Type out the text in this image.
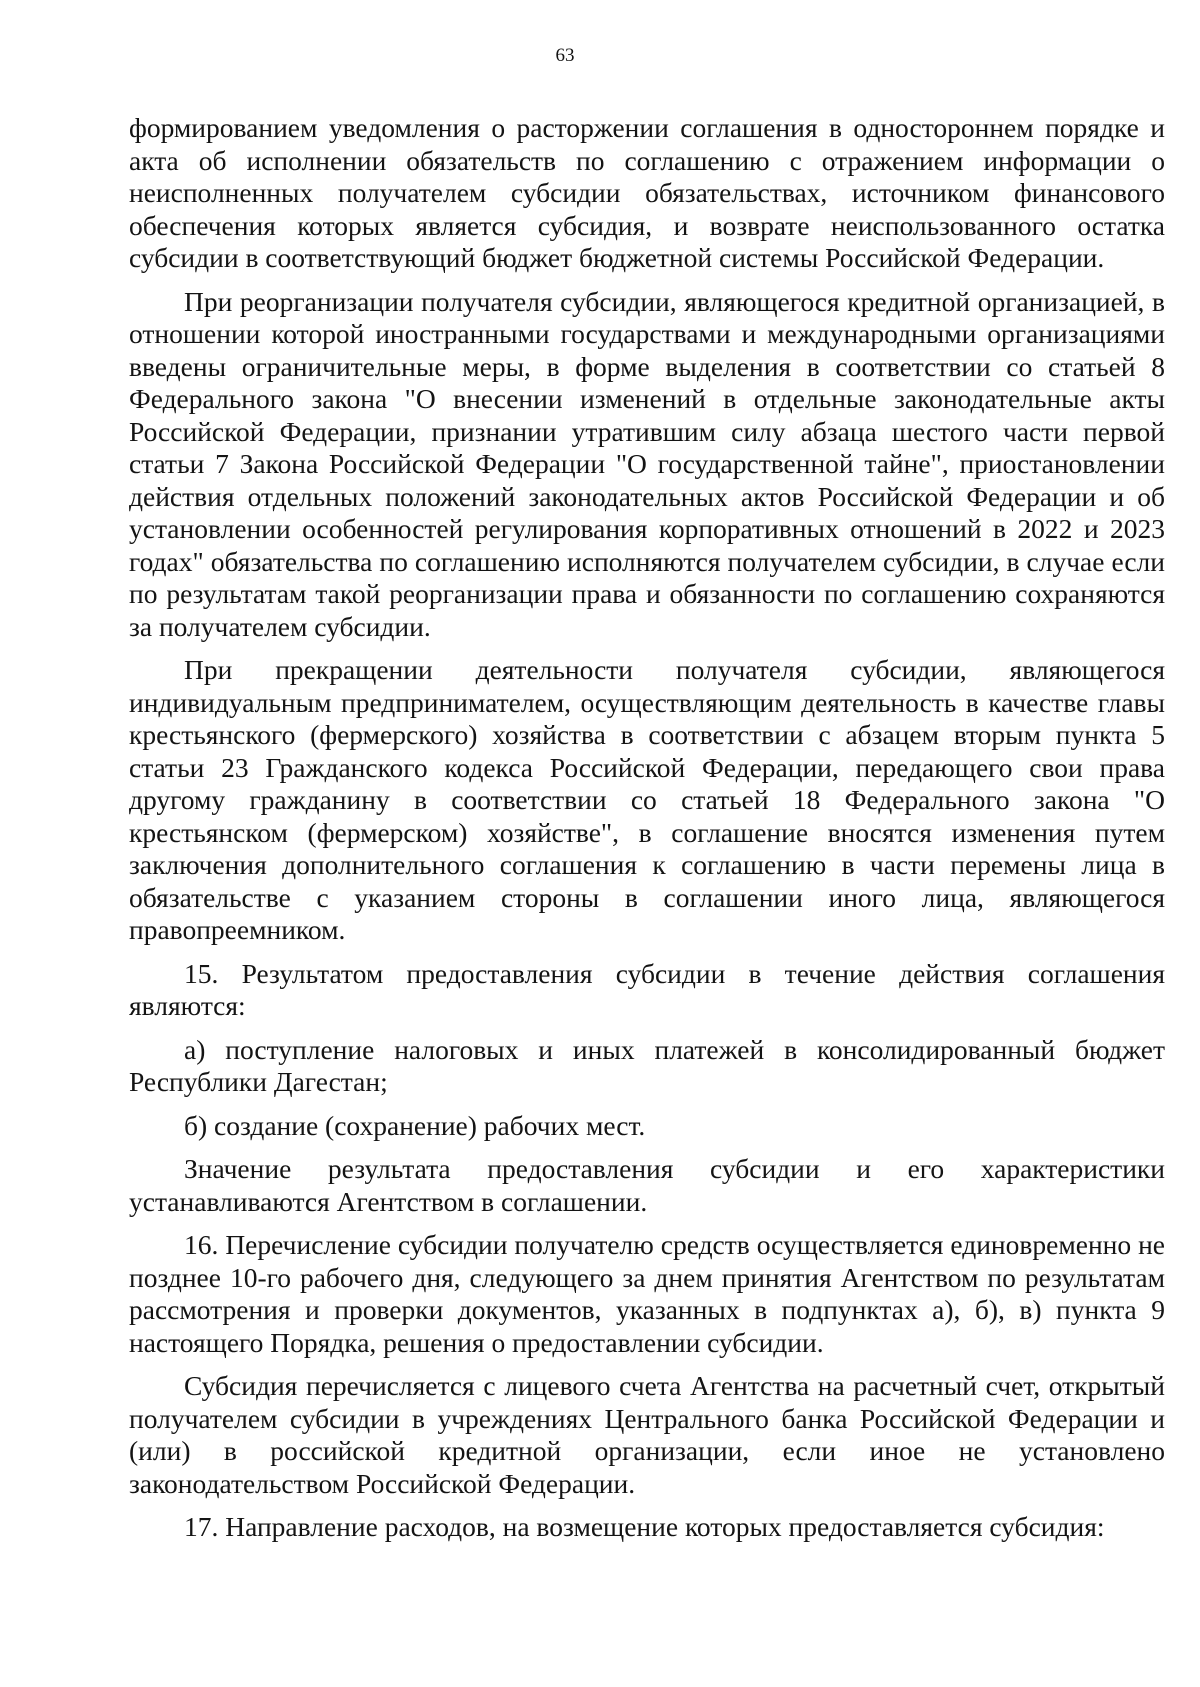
63

формированием уведомления о расторжении соглашения в одностороннем порядке и акта об исполнении обязательств по соглашению с отражением информации о неисполненных получателем субсидии обязательствах, источником финансового обеспечения которых является субсидия, и возврате неиспользованного остатка субсидии в соответствующий бюджет бюджетной системы Российской Федерации.

При реорганизации получателя субсидии, являющегося кредитной организацией, в отношении которой иностранными государствами и международными организациями введены ограничительные меры, в форме выделения в соответствии со статьей 8 Федерального закона "О внесении изменений в отдельные законодательные акты Российской Федерации, признании утратившим силу абзаца шестого части первой статьи 7 Закона Российской Федерации "О государственной тайне", приостановлении действия отдельных положений законодательных актов Российской Федерации и об установлении особенностей регулирования корпоративных отношений в 2022 и 2023 годах" обязательства по соглашению исполняются получателем субсидии, в случае если по результатам такой реорганизации права и обязанности по соглашению сохраняются за получателем субсидии.

При прекращении деятельности получателя субсидии, являющегося индивидуальным предпринимателем, осуществляющим деятельность в качестве главы крестьянского (фермерского) хозяйства в соответствии с абзацем вторым пункта 5 статьи 23 Гражданского кодекса Российской Федерации, передающего свои права другому гражданину в соответствии со статьей 18 Федерального закона "О крестьянском (фермерском) хозяйстве", в соглашение вносятся изменения путем заключения дополнительного соглашения к соглашению в части перемены лица в обязательстве с указанием стороны в соглашении иного лица, являющегося правопреемником.

15. Результатом предоставления субсидии в течение действия соглашения являются:

а) поступление налоговых и иных платежей в консолидированный бюджет Республики Дагестан;

б) создание (сохранение) рабочих мест.

Значение результата предоставления субсидии и его характеристики устанавливаются Агентством в соглашении.

16. Перечисление субсидии получателю средств осуществляется единовременно не позднее 10-го рабочего дня, следующего за днем принятия Агентством по результатам рассмотрения и проверки документов, указанных в подпунктах а), б), в) пункта 9 настоящего Порядка, решения о предоставлении субсидии.

Субсидия перечисляется с лицевого счета Агентства на расчетный счет, открытый получателем субсидии в учреждениях Центрального банка Российской Федерации и (или) в российской кредитной организации, если иное не установлено законодательством Российской Федерации.

17. Направление расходов, на возмещение которых предоставляется субсидия:
